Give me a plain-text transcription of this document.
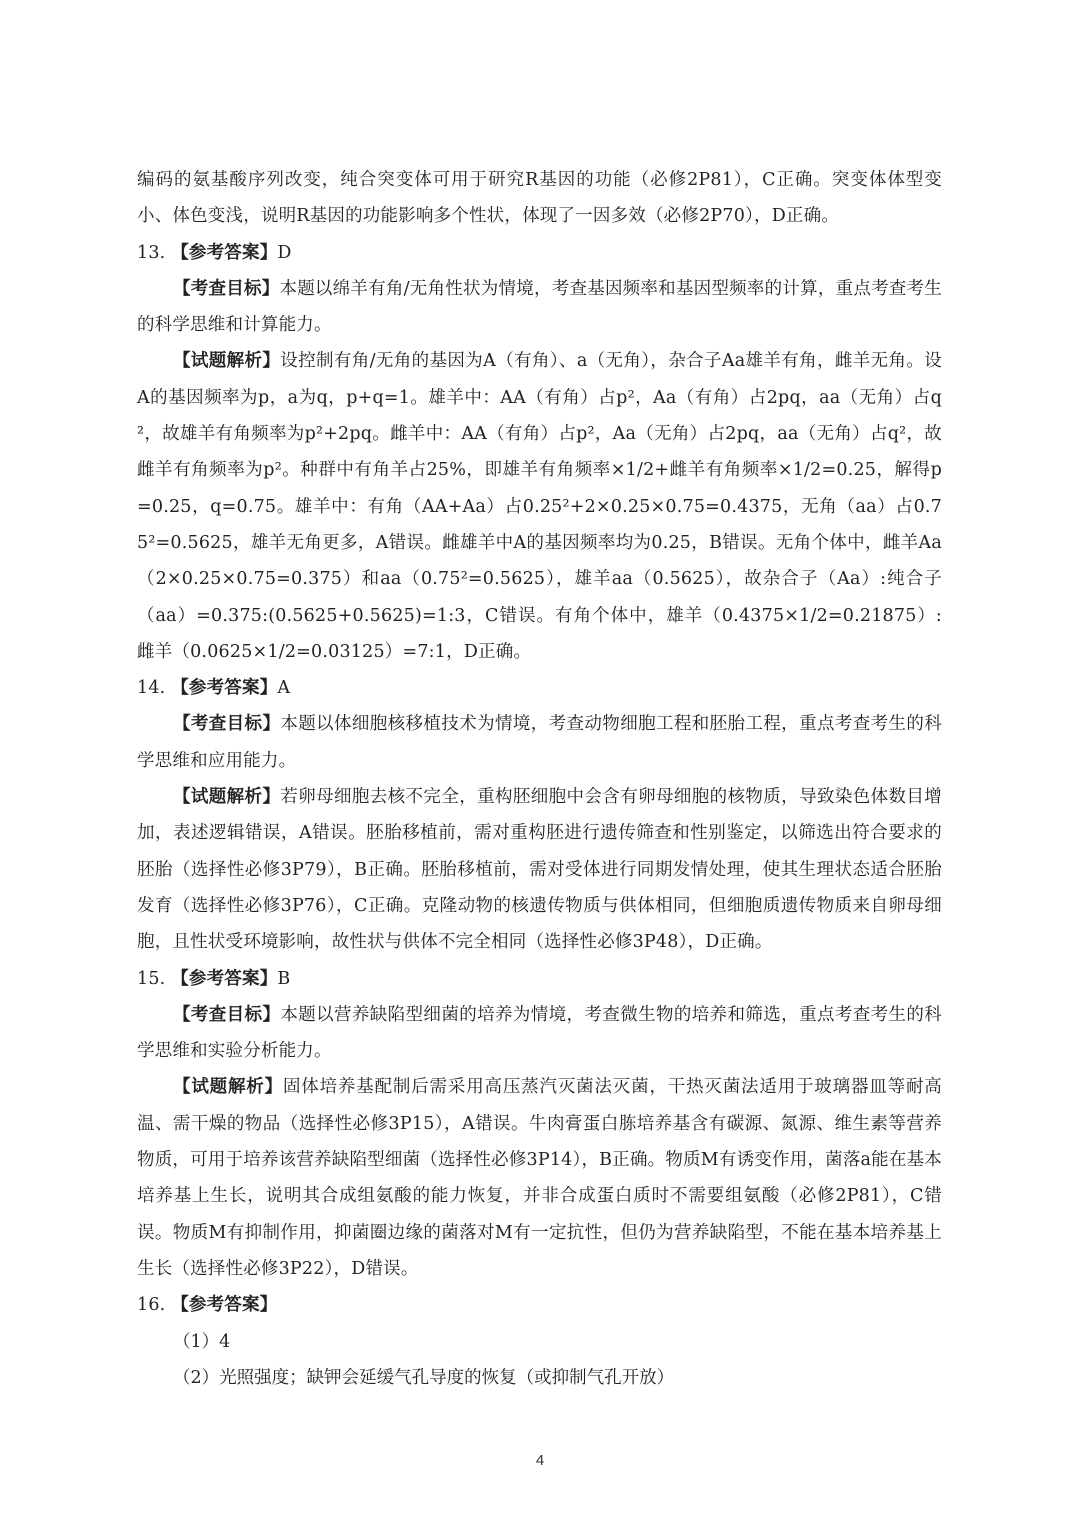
编码的氨基酸序列改变，纯合突变体可用于研究R基因的功能（必修2P81），C正确。突变体体型变小、体色变浅，说明R基因的功能影响多个性状，体现了一因多效（必修2P70），D正确。

13. 【参考答案】D

【考查目标】本题以绵羊有角/无角性状为情境，考查基因频率和基因型频率的计算，重点考查考生的科学思维和计算能力。

【试题解析】设控制有角/无角的基因为A（有角）、a（无角），杂合子Aa雄羊有角，雌羊无角。设A的基因频率为p，a为q，p+q=1。雄羊中：AA（有角）占p²，Aa（有角）占2pq，aa（无角）占q²，故雄羊有角频率为p²+2pq。雌羊中：AA（有角）占p²，Aa（无角）占2pq，aa（无角）占q²，故雌羊有角频率为p²。种群中有角羊占25%，即雄羊有角频率×1/2+雌羊有角频率×1/2=0.25，解得p=0.25，q=0.75。雄羊中：有角（AA+Aa）占0.25²+2×0.25×0.75=0.4375，无角（aa）占0.75²=0.5625，雄羊无角更多，A错误。雌雄羊中A的基因频率均为0.25，B错误。无角个体中，雌羊Aa（2×0.25×0.75=0.375）和aa（0.75²=0.5625），雄羊aa（0.5625），故杂合子（Aa）:纯合子（aa）=0.375:(0.5625+0.5625)=1:3，C错误。有角个体中，雄羊（0.4375×1/2=0.21875）:雌羊（0.0625×1/2=0.03125）=7:1，D正确。

14. 【参考答案】A

【考查目标】本题以体细胞核移植技术为情境，考查动物细胞工程和胚胎工程，重点考查考生的科学思维和应用能力。

【试题解析】若卵母细胞去核不完全，重构胚细胞中会含有卵母细胞的核物质，导致染色体数目增加，表述逻辑错误，A错误。胚胎移植前，需对重构胚进行遗传筛查和性别鉴定，以筛选出符合要求的胚胎（选择性必修3P79），B正确。胚胎移植前，需对受体进行同期发情处理，使其生理状态适合胚胎发育（选择性必修3P76），C正确。克隆动物的核遗传物质与供体相同，但细胞质遗传物质来自卵母细胞，且性状受环境影响，故性状与供体不完全相同（选择性必修3P48），D正确。

15. 【参考答案】B

【考查目标】本题以营养缺陷型细菌的培养为情境，考查微生物的培养和筛选，重点考查考生的科学思维和实验分析能力。

【试题解析】固体培养基配制后需采用高压蒸汽灭菌法灭菌，干热灭菌法适用于玻璃器皿等耐高温、需干燥的物品（选择性必修3P15），A错误。牛肉膏蛋白胨培养基含有碳源、氮源、维生素等营养物质，可用于培养该营养缺陷型细菌（选择性必修3P14），B正确。物质M有诱变作用，菌落a能在基本培养基上生长，说明其合成组氨酸的能力恢复，并非合成蛋白质时不需要组氨酸（必修2P81），C错误。物质M有抑制作用，抑菌圈边缘的菌落对M有一定抗性，但仍为营养缺陷型，不能在基本培养基上生长（选择性必修3P22），D错误。

16. 【参考答案】

（1）4

（2）光照强度；缺钾会延缓气孔导度的恢复（或抑制气孔开放）

4
